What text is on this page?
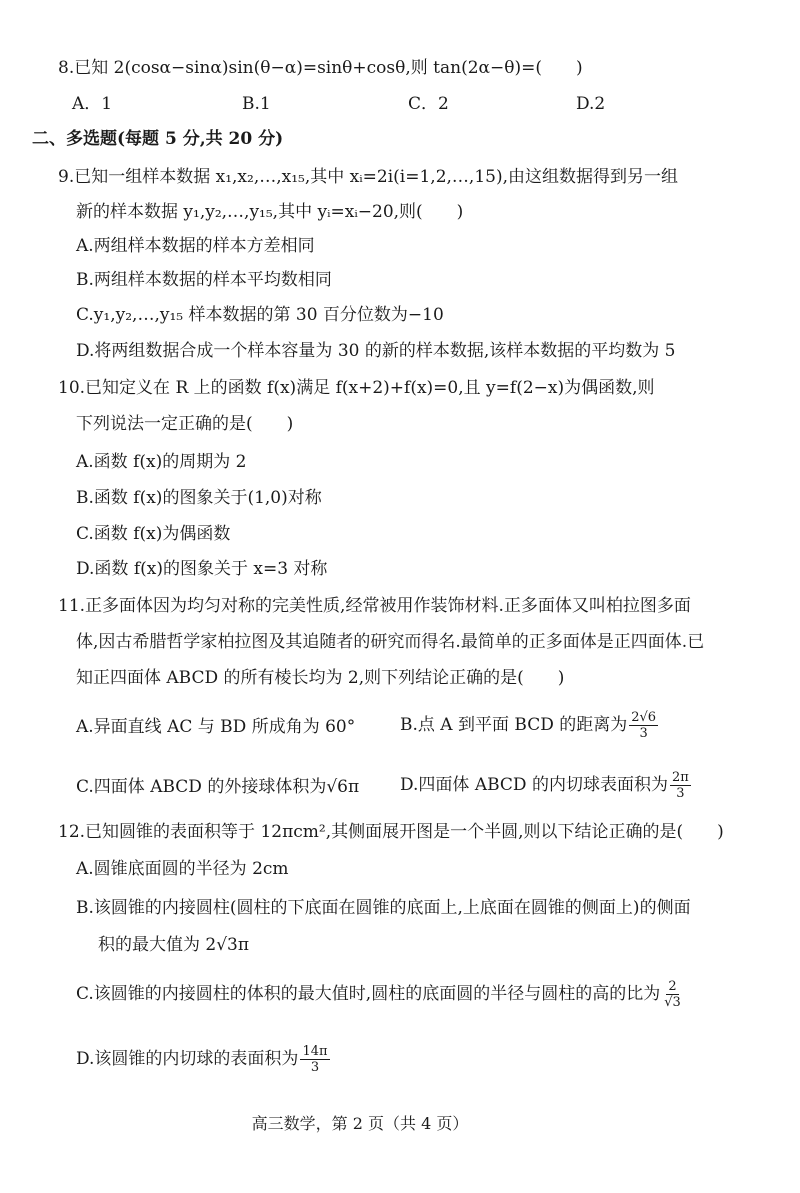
8.已知 2(cosα−sinα)sin(θ−α)=sinθ+cosθ,则 tan(2α−θ)=(　　)
A．1	B.1	C．2	D.2
二、多选题(每题 5 分,共 20 分)
9.已知一组样本数据 x₁,x₂,…,x₁₅,其中 xᵢ=2i(i=1,2,…,15),由这组数据得到另一组
新的样本数据 y₁,y₂,…,y₁₅,其中 yᵢ=xᵢ−20,则(　　)
A.两组样本数据的样本方差相同
B.两组样本数据的样本平均数相同
C.y₁,y₂,…,y₁₅ 样本数据的第 30 百分位数为−10
D.将两组数据合成一个样本容量为 30 的新的样本数据,该样本数据的平均数为 5
10.已知定义在 R 上的函数 f(x)满足 f(x+2)+f(x)=0,且 y=f(2−x)为偶函数,则
下列说法一定正确的是(　　)
A.函数 f(x)的周期为 2
B.函数 f(x)的图象关于(1,0)对称
C.函数 f(x)为偶函数
D.函数 f(x)的图象关于 x=3 对称
11.正多面体因为均匀对称的完美性质,经常被用作装饰材料.正多面体又叫柏拉图多面
体,因古希腊哲学家柏拉图及其追随者的研究而得名.最简单的正多面体是正四面体.已
知正四面体 ABCD 的所有棱长均为 2,则下列结论正确的是(　　)
A.异面直线 AC 与 BD 所成角为 60°	B.点 A 到平面 BCD 的距离为 $\frac{2√6}{3}$
C.四面体 ABCD 的外接球体积为√6π D.四面体 ABCD 的内切球表面积为 $\frac{2\pi}{3}$
12.已知圆锥的表面积等于 12πcm²,其侧面展开图是一个半圆,则以下结论正确的是(　　)
A.圆锥底面圆的半径为 2cm
B.该圆锥的内接圆柱(圆柱的下底面在圆锥的底面上,上底面在圆锥的侧面上)的侧面
积的最大值为 2√3π
C.该圆锥的内接圆柱的体积的最大值时,圆柱的底面圆的半径与圆柱的高的比为 $\frac{2}{√3}$
D.该圆锥的内切球的表面积为 $\frac{14\pi}{3}$
高三数学，第 2 页（共 4 页）
